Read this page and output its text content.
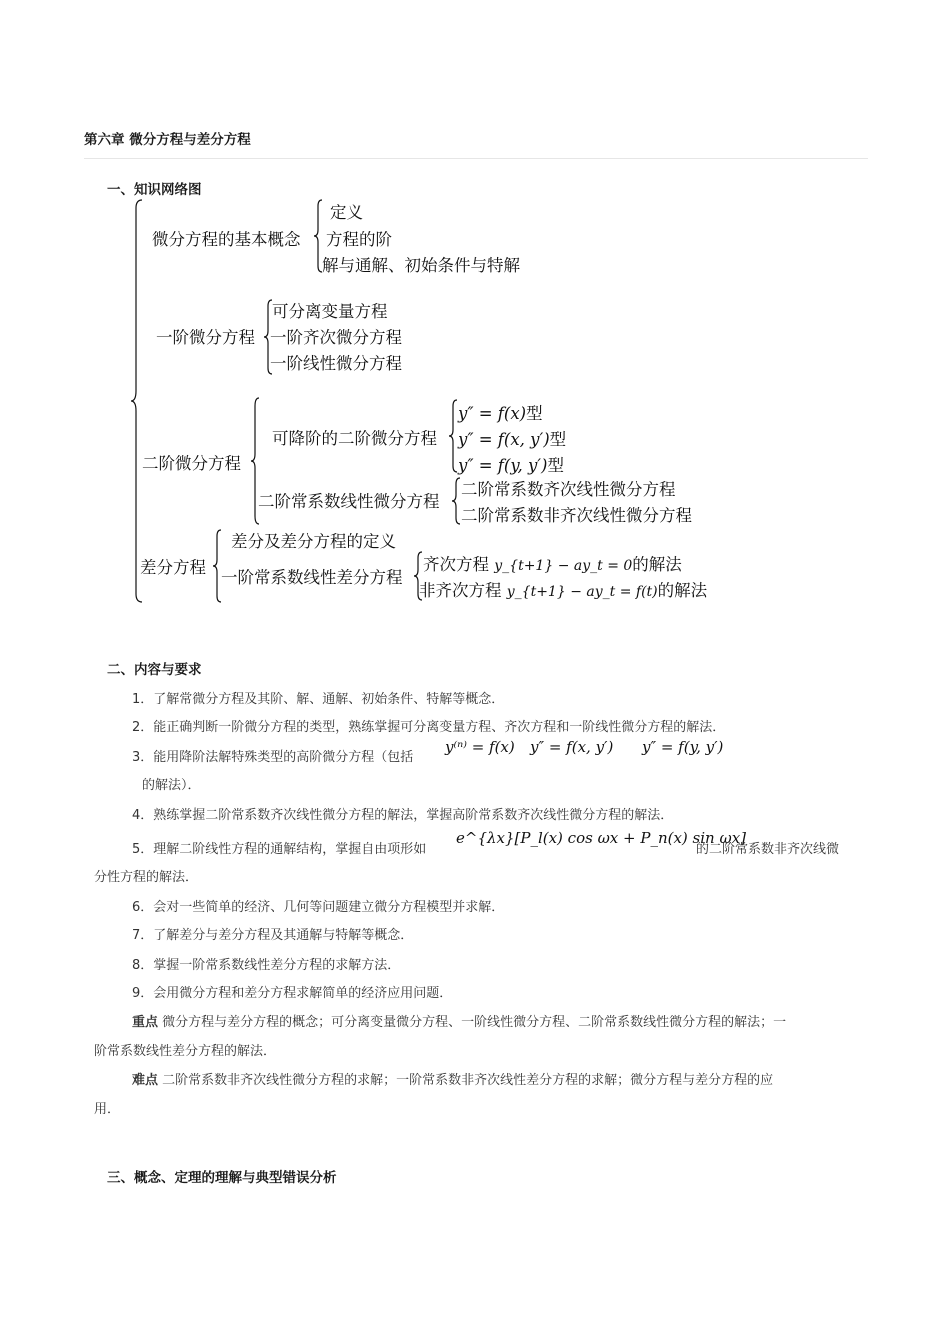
第六章 微分方程与差分方程
一、知识网络图
微分方程的基本概念
定义
方程的阶
解与通解、初始条件与特解
一阶微分方程
可分离变量方程
一阶齐次微分方程
一阶线性微分方程
二阶微分方程
可降阶的二阶微分方程
y″ = f(x)型
y″ = f(x, y′)型
y″ = f(y, y′)型
二阶常系数线性微分方程
二阶常系数齐次线性微分方程
二阶常系数非齐次线性微分方程
差分方程
差分及差分方程的定义
一阶常系数线性差分方程
齐次方程 y_{t+1} − ay_t = 0的解法
非齐次方程 y_{t+1} − ay_t = f(t)的解法
二、内容与要求
1．了解常微分方程及其阶、解、通解、初始条件、特解等概念．
2．能正确判断一阶微分方程的类型，熟练掌握可分离变量方程、齐次方程和一阶线性微分方程的解法．
3．能用降阶法解特殊类型的高阶微分方程（包括
y⁽ⁿ⁾ = f(x) y″ = f(x, y′) y″ = f(y, y′)
的解法）．
4．熟练掌握二阶常系数齐次线性微分方程的解法，掌握高阶常系数齐次线性微分方程的解法．
5．理解二阶线性方程的通解结构，掌握自由项形如
e^{λx}[P_l(x) cos ωx + P_n(x) sin ωx]
的二阶常系数非齐次线微
分性方程的解法．
6．会对一些简单的经济、几何等问题建立微分方程模型并求解．
7．了解差分与差分方程及其通解与特解等概念．
8．掌握一阶常系数线性差分方程的求解方法．
9．会用微分方程和差分方程求解简单的经济应用问题．
重点 微分方程与差分方程的概念；可分离变量微分方程、一阶线性微分方程、二阶常系数线性微分方程的解法；一
阶常系数线性差分方程的解法．
难点 二阶常系数非齐次线性微分方程的求解；一阶常系数非齐次线性差分方程的求解；微分方程与差分方程的应
用．
三、概念、定理的理解与典型错误分析
